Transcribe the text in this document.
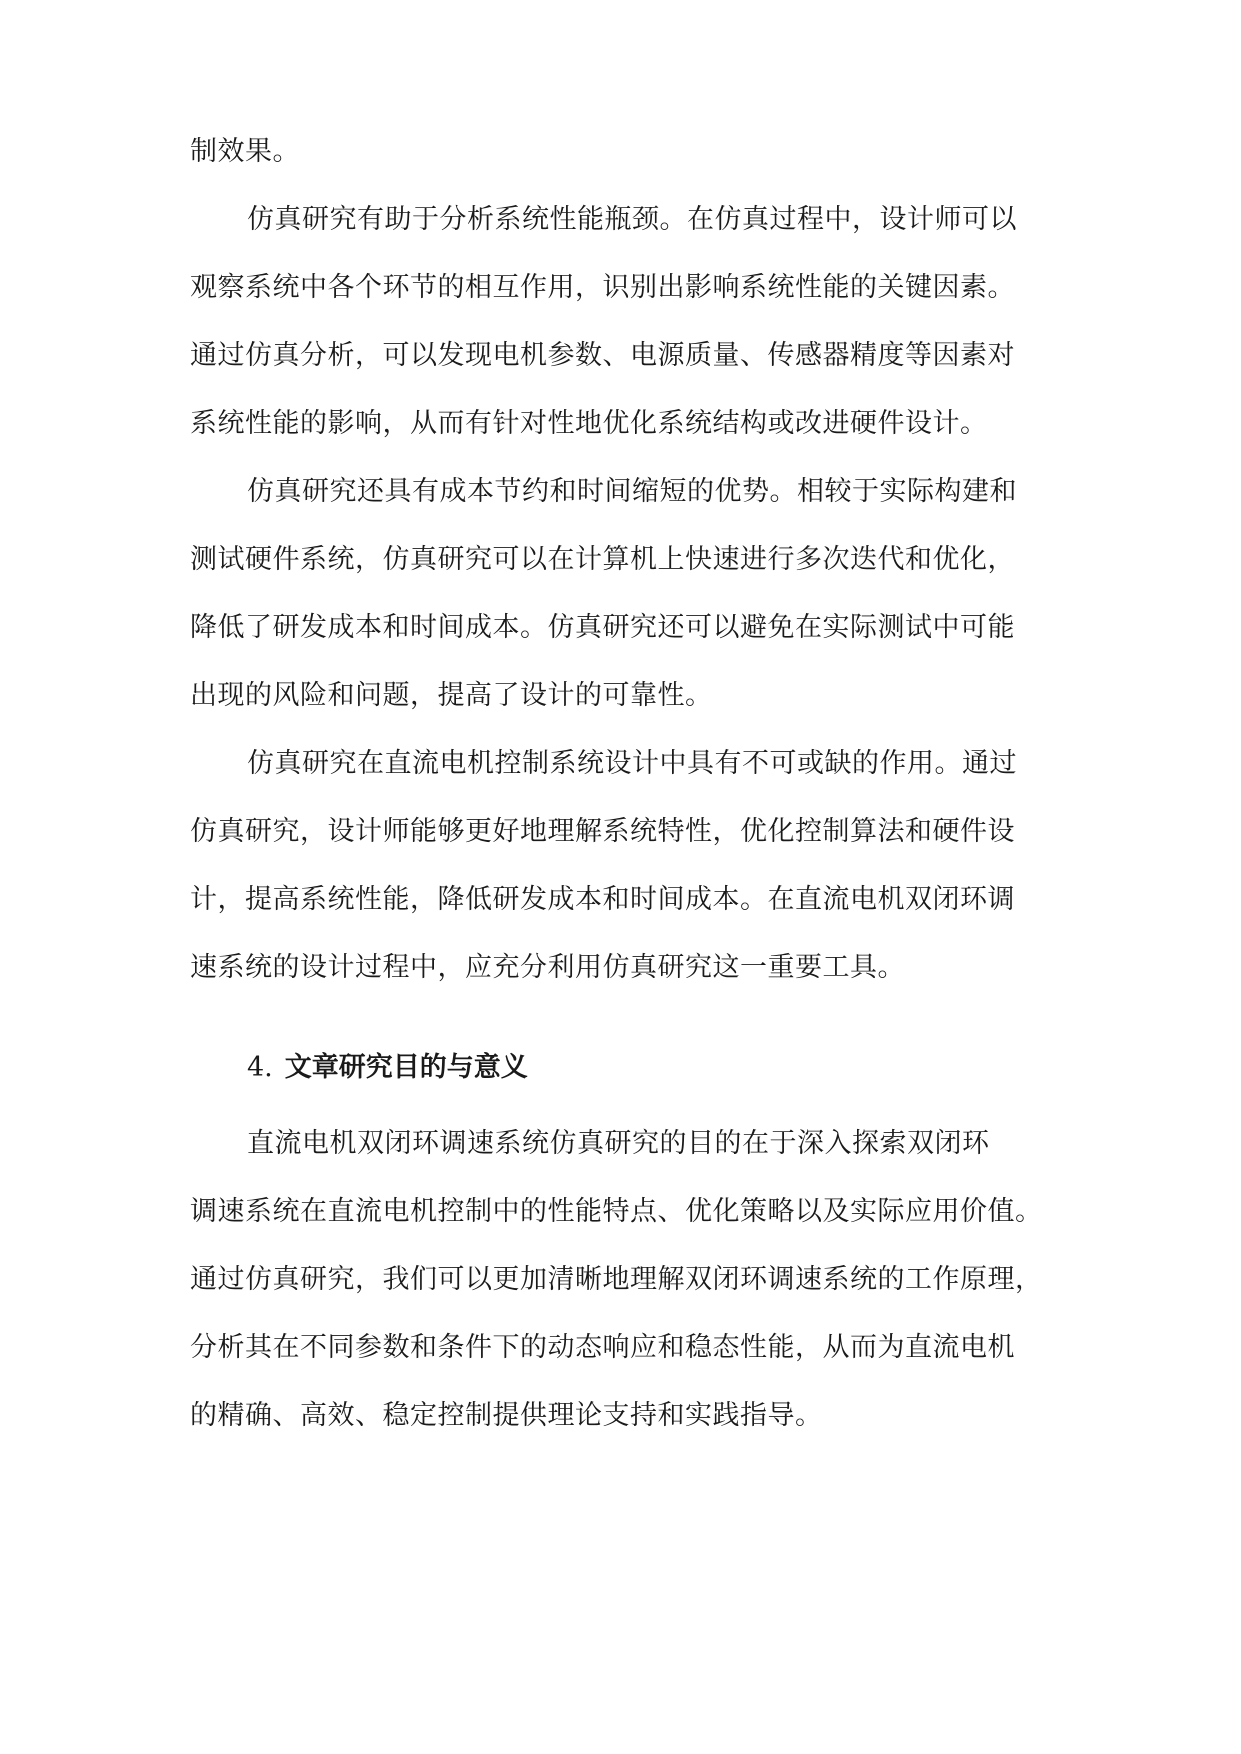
制效果。
仿真研究有助于分析系统性能瓶颈。在仿真过程中，设计师可以
观察系统中各个环节的相互作用，识别出影响系统性能的关键因素。
通过仿真分析，可以发现电机参数、电源质量、传感器精度等因素对
系统性能的影响，从而有针对性地优化系统结构或改进硬件设计。
仿真研究还具有成本节约和时间缩短的优势。相较于实际构建和
测试硬件系统，仿真研究可以在计算机上快速进行多次迭代和优化，
降低了研发成本和时间成本。仿真研究还可以避免在实际测试中可能
出现的风险和问题，提高了设计的可靠性。
仿真研究在直流电机控制系统设计中具有不可或缺的作用。通过
仿真研究，设计师能够更好地理解系统特性，优化控制算法和硬件设
计，提高系统性能，降低研发成本和时间成本。在直流电机双闭环调
速系统的设计过程中，应充分利用仿真研究这一重要工具。
4. 文章研究目的与意义
直流电机双闭环调速系统仿真研究的目的在于深入探索双闭环
调速系统在直流电机控制中的性能特点、优化策略以及实际应用价值。
通过仿真研究，我们可以更加清晰地理解双闭环调速系统的工作原理，
分析其在不同参数和条件下的动态响应和稳态性能，从而为直流电机
的精确、高效、稳定控制提供理论支持和实践指导。
